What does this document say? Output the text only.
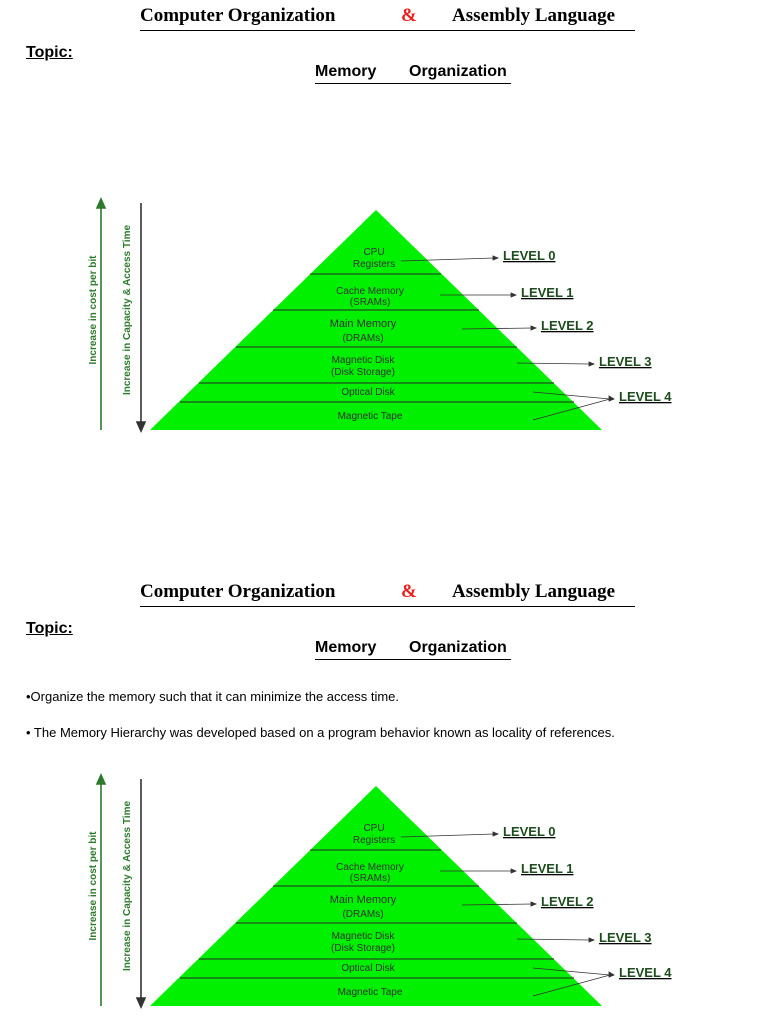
Computer Organization	& Assembly Language
Topic:
Memory Organization
CPU
Registers
Cache Memory
(SRAMs)
Main Memory
(DRAMs)
Magnetic Disk
(Disk Storage)
Optical Disk
Magnetic Tape
LEVEL 0
LEVEL 1
LEVEL 2
LEVEL 3
LEVEL 4
Increase in cost per bit Increase in Capacity & Access Time
Computer Organization	& Assembly Language
Topic:
Memory Organization
•Organize the memory such that it can minimize the access time.
• The Memory Hierarchy was developed based on a program behavior known as locality of references.
CPU
Registers
Cache Memory
(SRAMs)
Main Memory
(DRAMs)
Magnetic Disk
(Disk Storage)
Optical Disk
Magnetic Tape
LEVEL 0
LEVEL 1
LEVEL 2
LEVEL 3
LEVEL 4
Increase in cost per bit Increase in Capacity & Access Time
